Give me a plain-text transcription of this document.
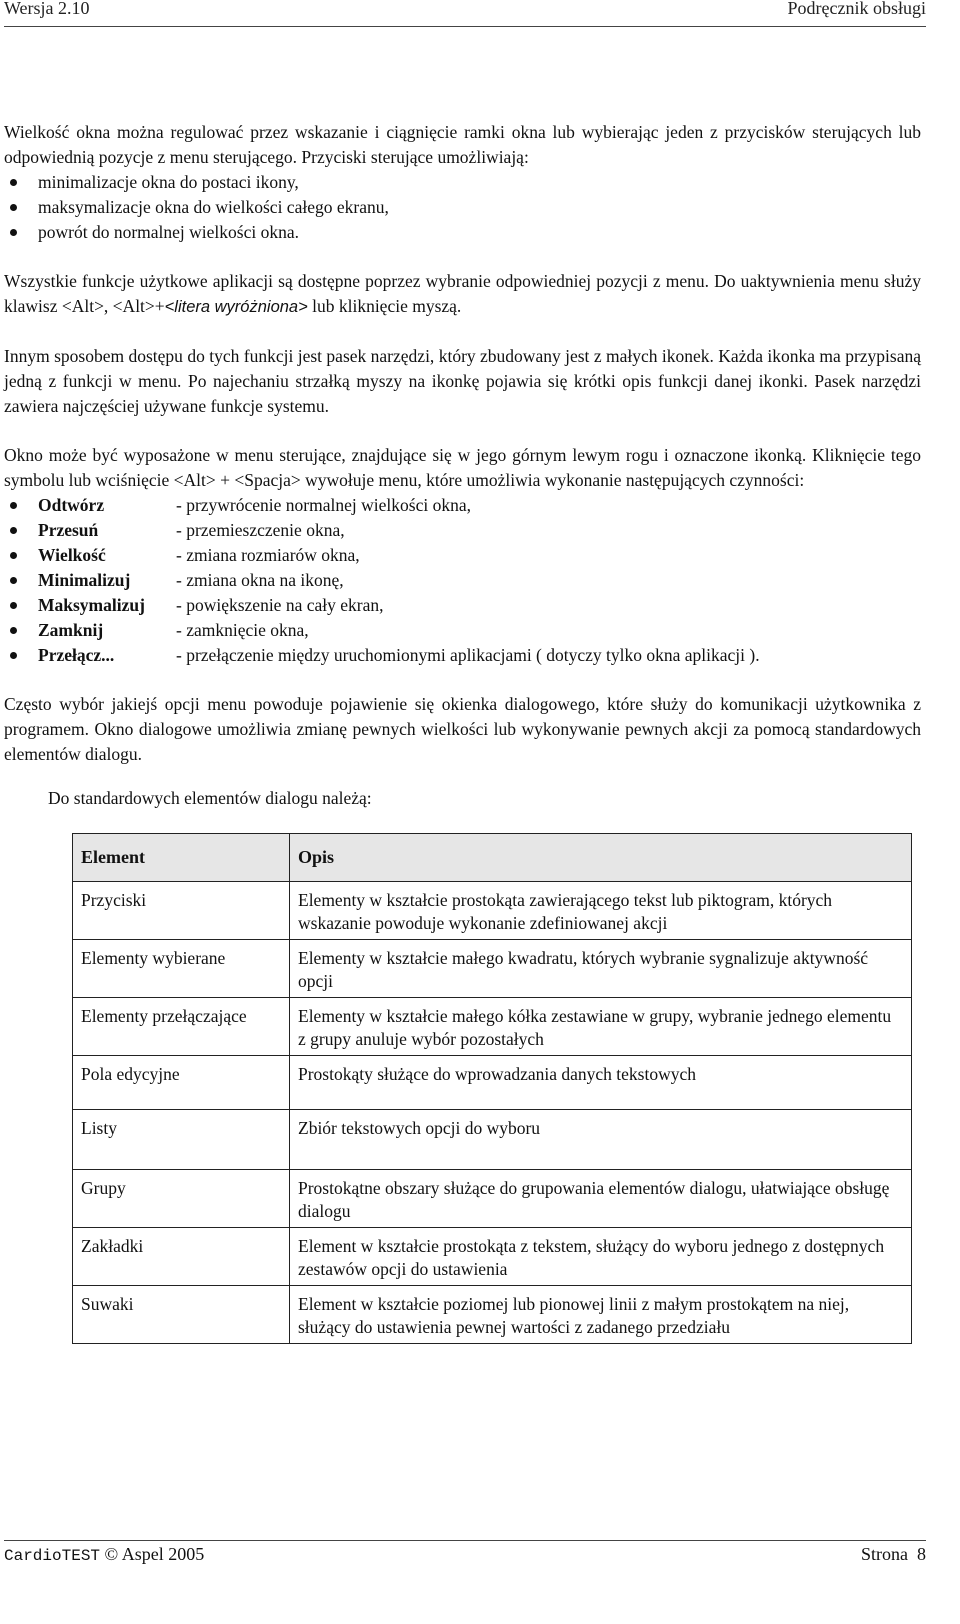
Wersja 2.10	Podręcznik obsługi

Wielkość okna można regulować przez wskazanie i ciągnięcie ramki okna lub wybierając jeden z przycisków sterujących lub odpowiednią pozycje z menu sterującego. Przyciski sterujące umożliwiają:

minimalizacje okna do postaci ikony,
maksymalizacje okna do wielkości całego ekranu,
powrót do normalnej wielkości okna.

Wszystkie funkcje użytkowe aplikacji są dostępne poprzez wybranie odpowiedniej pozycji z menu. Do uaktywnienia menu służy klawisz <Alt>, <Alt>+<litera wyróżniona> lub kliknięcie myszą.

Innym sposobem dostępu do tych funkcji jest pasek narzędzi, który zbudowany jest z małych ikonek. Każda ikonka ma przypisaną jedną z funkcji w menu. Po najechaniu strzałką myszy na ikonkę pojawia się krótki opis funkcji danej ikonki. Pasek narzędzi zawiera najczęściej używane funkcje systemu.

Okno może być wyposażone w menu sterujące, znajdujące się w jego górnym lewym rogu i oznaczone ikonką. Kliknięcie tego symbolu lub wciśnięcie <Alt> + <Spacja> wywołuje menu, które umożliwia wykonanie następujących czynności:

Odtwórz	- przywrócenie normalnej wielkości okna,
Przesuń	- przemieszczenie okna,
Wielkość	- zmiana rozmiarów okna,
Minimalizuj	- zmiana okna na ikonę,
Maksymalizuj - powiększenie na cały ekran,
Zamknij	- zamknięcie okna,
Przełącz...	- przełączenie między uruchomionymi aplikacjami ( dotyczy tylko okna aplikacji ).

Często wybór jakiejś opcji menu powoduje pojawienie się okienka dialogowego, które służy do komunikacji użytkownika z programem. Okno dialogowe umożliwia zmianę pewnych wielkości lub wykonywanie pewnych akcji za pomocą standardowych elementów dialogu.

Do standardowych elementów dialogu należą:
Element	Opis
Przyciski	Elementy w kształcie prostokąta zawierającego tekst lub piktogram, których wskazanie powoduje wykonanie zdefiniowanej akcji
Elementy wybierane	Elementy w kształcie małego kwadratu, których wybranie sygnalizuje aktywność opcji
Elementy przełączające	Elementy w kształcie małego kółka zestawiane w grupy, wybranie jednego elementu z grupy anuluje wybór pozostałych
Pola edycyjne	Prostokąty służące do wprowadzania danych tekstowych
Listy	Zbiór tekstowych opcji do wyboru
Grupy	Prostokątne obszary służące do grupowania elementów dialogu, ułatwiające obsługę dialogu
Zakładki	Element w kształcie prostokąta z tekstem, służący do wyboru jednego z dostępnych zestawów opcji do ustawienia
Suwaki	Element w kształcie poziomej lub pionowej linii z małym prostokątem na niej, służący do ustawienia pewnej wartości z zadanego przedziału
CardioTEST © Aspel 2005	Strona 8
